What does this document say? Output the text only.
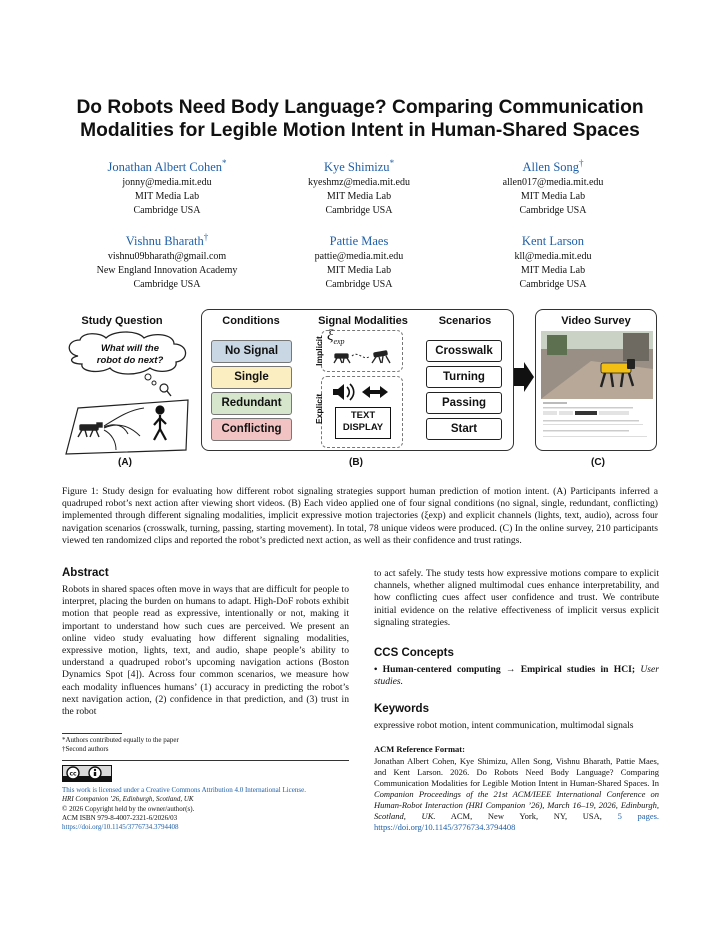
Do Robots Need Body Language? Comparing Communication
Modalities for Legible Motion Intent in Human-Shared Spaces
Jonathan Albert Cohen*
jonny@media.mit.edu
MIT Media Lab
Cambridge USA
Kye Shimizu*
kyeshmz@media.mit.edu
MIT Media Lab
Cambridge USA
Allen Song†
allen017@media.mit.edu
MIT Media Lab
Cambridge USA
Vishnu Bharath†
vishnu09bharath@gmail.com
New England Innovation Academy
Cambridge USA
Pattie Maes
pattie@media.mit.edu
MIT Media Lab
Cambridge USA
Kent Larson
kll@media.mit.edu
MIT Media Lab
Cambridge USA
Study Question
What will the
robot do next?
(A)
Conditions
No Signal
Single
Redundant
Conflicting
Signal Modalities
Implicit
$\xi_{exp}$
Explicit	TEXT
DISPLAY
Scenarios
Crosswalk
Turning
Passing
Start
(B)
Video Survey
(C)
Figure 1: Study design for evaluating how different robot signaling strategies support human prediction of motion intent. (A) Participants inferred a quadruped robot’s next action after viewing short videos. (B) Each video applied one of four signal conditions (no signal, single, redundant, conflicting) implemented through different signaling modalities, implicit expressive motion trajectories (ξexp) and explicit channels (lights, text, audio), across four navigation scenarios (crosswalk, turning, passing, starting movement). In total, 78 unique videos were produced. (C) In the online survey, 210 participants viewed ten randomized clips and reported the robot’s predicted next action, as well as their confidence and trust ratings.
Abstract
Robots in shared spaces often move in ways that are difficult for people to interpret, placing the burden on humans to adapt. High-DoF robots exhibit motion that people read as expressive, intentionally or not, making it important to understand how such cues are perceived. We present an online video study evaluating how different signaling modalities, expressive motion, lights, text, and audio, shape people’s ability to understand a quadruped robot’s upcoming navigation actions (Boston Dynamics Spot [4]). Across four common scenarios, we measure how each modality influences humans’ (1) accuracy in predicting the robot’s next navigation action, (2) confidence in that prediction, and (3) trust in the robot
*Authors contributed equally to the paper
†Second authors
cc
This work is licensed under a Creative Commons Attribution 4.0 International License.
HRI Companion ’26, Edinburgh, Scotland, UK
© 2026 Copyright held by the owner/author(s).
ACM ISBN 979-8-4007-2321-6/2026/03
https://doi.org/10.1145/3776734.3794408
to act safely. The study tests how expressive motions compare to explicit channels, whether aligned multimodal cues enhance interpretability, and how conflicting cues affect user confidence and trust. We contribute initial evidence on the relative effectiveness of implicit versus explicit signaling strategies.
CCS Concepts
• Human-centered computing → Empirical studies in HCI; User studies.
Keywords
expressive robot motion, intent communication, multimodal signals
ACM Reference Format:
Jonathan Albert Cohen, Kye Shimizu, Allen Song, Vishnu Bharath, Pattie Maes, and Kent Larson. 2026. Do Robots Need Body Language? Comparing Communication Modalities for Legible Motion Intent in Human-Shared Spaces. In Companion Proceedings of the 21st ACM/IEEE International Conference on Human-Robot Interaction (HRI Companion ’26), March 16–19, 2026, Edinburgh, Scotland, UK. ACM, New York, NY, USA, 5 pages. https://doi.org/10.1145/3776734.3794408
